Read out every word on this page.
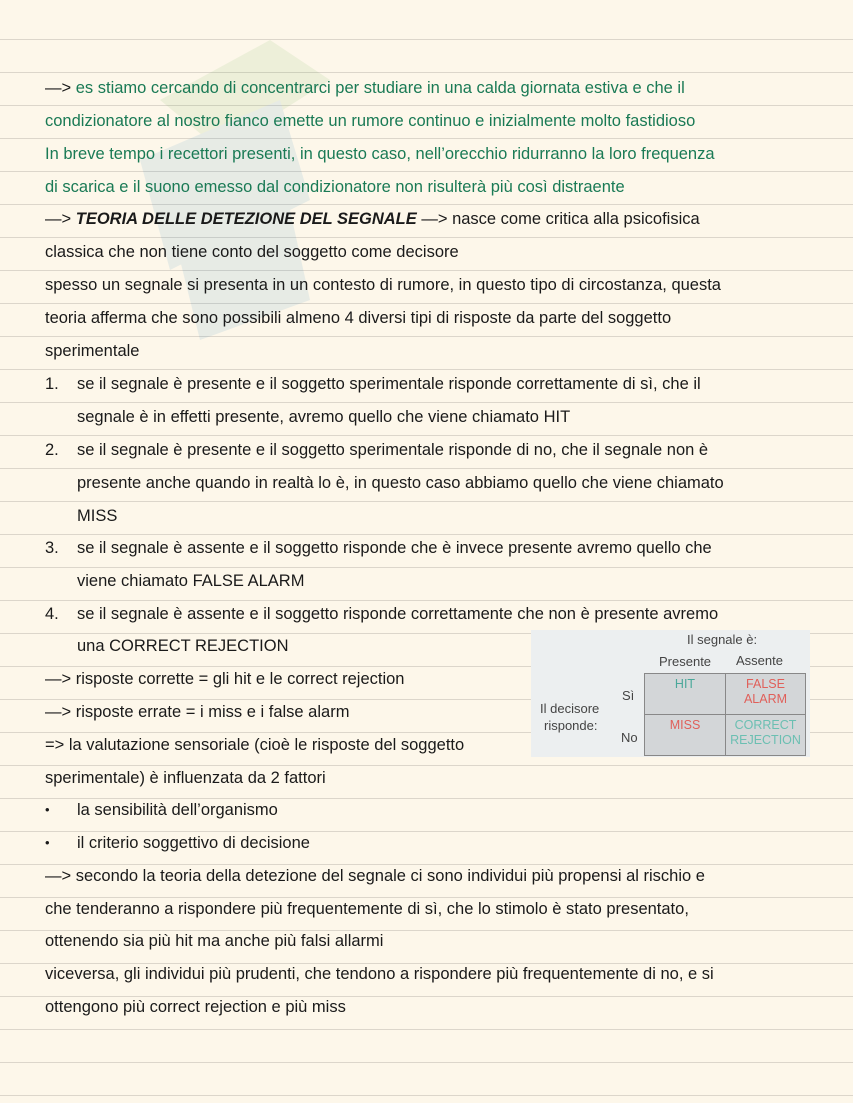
—> es stiamo cercando di concentrarci per studiare in una calda giornata estiva e che il
condizionatore al nostro fianco emette un rumore continuo e inizialmente molto fastidioso
In breve tempo i recettori presenti, in questo caso, nell’orecchio ridurranno la loro frequenza
di scarica e il suono emesso dal condizionatore non risulterà più così distraente
—> TEORIA DELLE DETEZIONE DEL SEGNALE —> nasce come critica alla psicofisica
classica che non tiene conto del soggetto come decisore
spesso un segnale si presenta in un contesto di rumore, in questo tipo di circostanza, questa
teoria afferma che sono possibili almeno 4 diversi tipi di risposte da parte del soggetto
sperimentale
1. se il segnale è presente e il soggetto sperimentale risponde correttamente di sì, che il
segnale è in effetti presente, avremo quello che viene chiamato HIT
2. se il segnale è presente e il soggetto sperimentale risponde di no, che il segnale non è
presente anche quando in realtà lo è, in questo caso abbiamo quello che viene chiamato
MISS
3. se il segnale è assente e il soggetto risponde che è invece presente avremo quello che
viene chiamato FALSE ALARM
4. se il segnale è assente e il soggetto risponde correttamente che non è presente avremo
una CORRECT REJECTION
—> risposte corrette = gli hit e le correct rejection
—> risposte errate = i miss e i false alarm
=> la valutazione sensoriale (cioè le risposte del soggetto
sperimentale) è influenzata da 2 fattori
• la sensibilità dell’organismo
• il criterio soggettivo di decisione
—> secondo la teoria della detezione del segnale ci sono individui più propensi al rischio e
che tenderanno a rispondere più frequentemente di sì, che lo stimolo è stato presentato,
ottenendo sia più hit ma anche più falsi allarmi
viceversa, gli individui più prudenti, che tendono a rispondere più frequentemente di no, e si
ottengono più correct rejection e più miss
Il segnale è:
Presente Assente
Il decisore
risponde:
Sì
No
HIT	FALSE
ALARM
MISS	CORRECT
REJECTION
